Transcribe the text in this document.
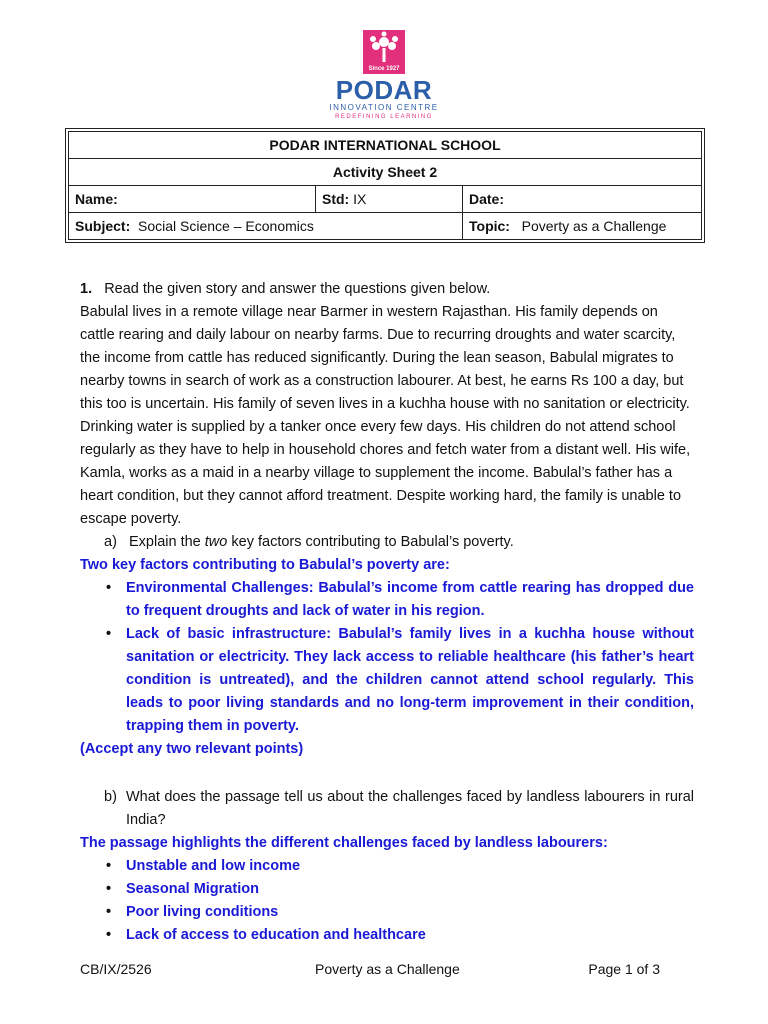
Since 1927
PODAR
INNOVATION CENTRE
REDEFINING LEARNING
PODAR INTERNATIONAL SCHOOL		
Activity Sheet 2		
Name:	Std: IX	Date:
Subject: Social Science – Economics		Topic: Poverty as a Challenge

1. Read the given story and answer the questions given below.

Babulal lives in a remote village near Barmer in western Rajasthan. His family depends on cattle rearing and daily labour on nearby farms. Due to recurring droughts and water scarcity, the income from cattle has reduced significantly. During the lean season, Babulal migrates to nearby towns in search of work as a construction labourer. At best, he earns Rs 100 a day, but this too is uncertain. His family of seven lives in a kuchha house with no sanitation or electricity. Drinking water is supplied by a tanker once every few days. His children do not attend school regularly as they have to help in household chores and fetch water from a distant well. His wife, Kamla, works as a maid in a nearby village to supplement the income. Babulal’s father has a heart condition, but they cannot afford treatment. Despite working hard, the family is unable to escape poverty.

a) Explain the two key factors contributing to Babulal’s poverty.

Two key factors contributing to Babulal’s poverty are:

• Environmental Challenges: Babulal’s income from cattle rearing has dropped due to frequent droughts and lack of water in his region.
• Lack of basic infrastructure: Babulal’s family lives in a kuchha house without sanitation or electricity. They lack access to reliable healthcare (his father’s heart condition is untreated), and the children cannot attend school regularly. This leads to poor living standards and no long-term improvement in their condition, trapping them in poverty.

(Accept any two relevant points)

b) What does the passage tell us about the challenges faced by landless labourers in rural India?

The passage highlights the different challenges faced by landless labourers:

• Unstable and low income
• Seasonal Migration
• Poor living conditions
• Lack of access to education and healthcare
CB/IX/2526	Poverty as a Challenge	Page 1 of 3
